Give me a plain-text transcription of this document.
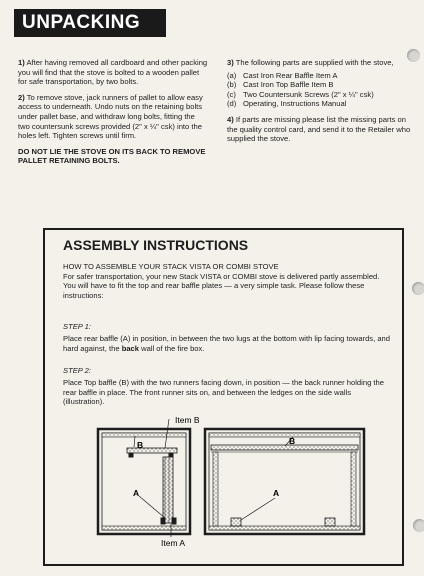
UNPACKING

1) After having removed all cardboard and other packing you will find that the stove is bolted to a wooden pallet for safe transportation, by two bolts.

2) To remove stove, jack runners of pallet to allow easy access to underneath. Undo nuts on the retaining bolts under pallet base, and withdraw long bolts, fitting the two countersunk screws provided (2" x ¼" csk) into the holes left. Tighten screws until firm.

DO NOT LIE THE STOVE ON ITS BACK TO REMOVE PALLET RETAINING BOLTS.

3) The following parts are supplied with the stove,

(a) Cast Iron Rear Baffle Item A
(b) Cast Iron Top Baffle Item B
(c) Two Countersunk Screws (2" x ¼" csk)
(d) Operating, Instructions Manual

4) If parts are missing please list the missing parts on the quality control card, and send it to the Retailer who supplied the stove.

ASSEMBLY INSTRUCTIONS
HOW TO ASSEMBLE YOUR STACK VISTA OR COMBI STOVE
For safer transportation, your new Stack VISTA or COMBI stove is delivered partly assembled. You will have to fit the top and rear baffle plates — a very simple task. Please follow these instructions:
STEP 1:
Place rear baffle (A) in position, in between the two lugs at the bottom with lip facing towards, and hard against, the back wall of the fire box.
STEP 2:
Place Top baffle (B) with the two runners facing down, in position — the back runner holding the rear baffle in place. The front runner sits on, and between the ledges on the side walls (illustration).
Item B
Item A
B
A
B
A
